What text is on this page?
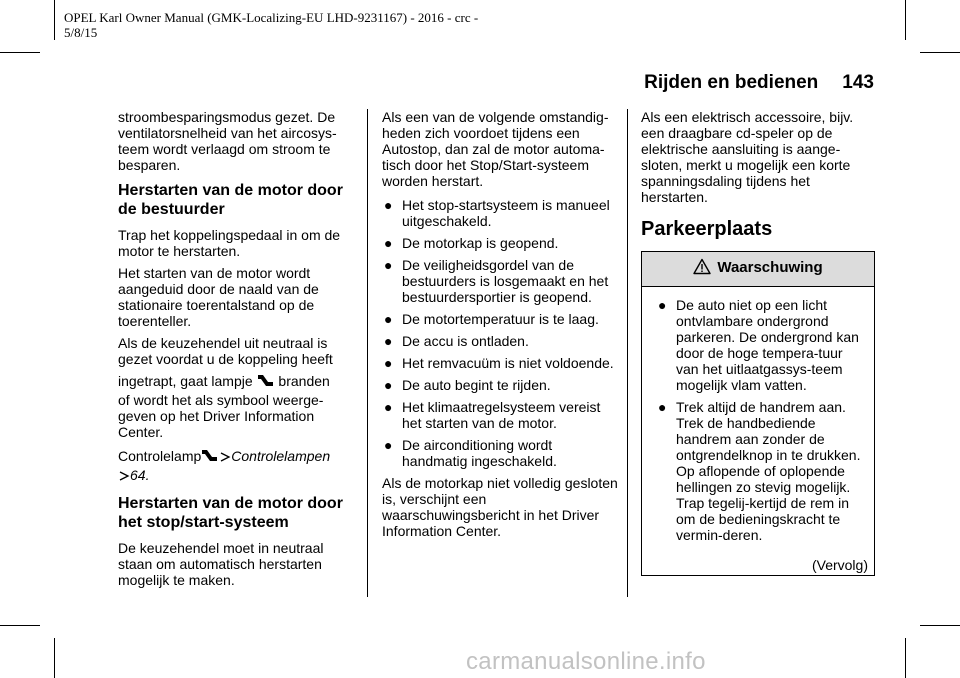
OPEL Karl Owner Manual (GMK-Localizing-EU LHD-9231167) - 2016 - crc -
5/8/15
Rijden en bedienen 143

stroombesparingsmodus gezet. De ventilatorsnelheid van het aircosys-teem wordt verlaagd om stroom te besparen.

Herstarten van de motor door de bestuurder

Trap het koppelingspedaal in om de motor te herstarten.

Het starten van de motor wordt aangeduid door de naald van de stationaire toerentalstand op de toerenteller.

Als de keuzehendel uit neutraal is gezet voordat u de koppeling heeft

ingetrapt, gaat lampje branden
of wordt het als symbool weerge-geven op het Driver Information Center.

Controlelamp Controlelampen
64.

Herstarten van de motor door het stop/start-systeem

De keuzehendel moet in neutraal staan om automatisch herstarten mogelijk te maken.

Als een van de volgende omstandig-heden zich voordoet tijdens een Autostop, dan zal de motor automa-tisch door het Stop/Start-systeem worden herstart.

● Het stop-startsysteem is manueel uitgeschakeld.
● De motorkap is geopend.
● De veiligheidsgordel van de bestuurders is losgemaakt en het bestuurdersportier is geopend.
● De motortemperatuur is te laag.
● De accu is ontladen.
● Het remvacuüm is niet voldoende.
● De auto begint te rijden.
● Het klimaatregelsysteem vereist het starten van de motor.
● De airconditioning wordt handmatig ingeschakeld.

Als de motorkap niet volledig gesloten is, verschijnt een waarschuwingsbericht in het Driver Information Center.

Als een elektrisch accessoire, bijv. een draagbare cd-speler op de elektrische aansluiting is aange-sloten, merkt u mogelijk een korte spanningsdaling tijdens het herstarten.

Parkeerplaats
Waarschuwing
● De auto niet op een licht ontvlambare ondergrond parkeren. De ondergrond kan door de hoge tempera-tuur van het uitlaatgassys-teem mogelijk vlam vatten.
● Trek altijd de handrem aan. Trek de handbediende handrem aan zonder de ontgrendelknop in te drukken. Op aflopende of oplopende hellingen zo stevig mogelijk. Trap tegelij-kertijd de rem in om de bedieningskracht te vermin-deren.
(Vervolg)
carmanualsonline.info
